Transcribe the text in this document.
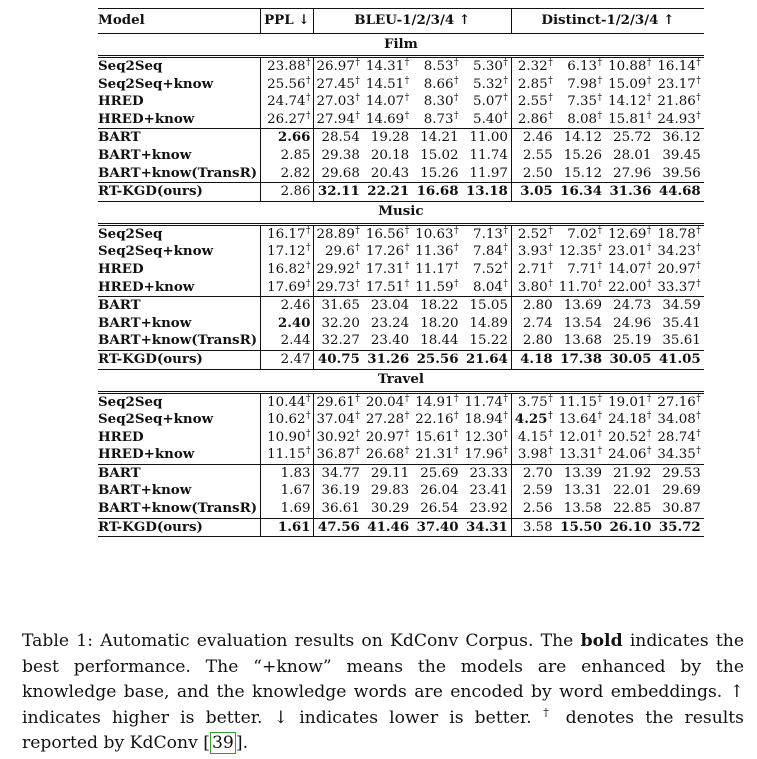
Model	PPL ↓	BLEU-1/2/3/4 ↑				Distinct-1/2/3/4 ↑			
Film									
Seq2Seq	23.88†	26.97†	14.31†	8.53†	5.30†	2.32†	6.13†	10.88†	16.14†
Seq2Seq+know	25.56†	27.45†	14.51†	8.66†	5.32†	2.85†	7.98†	15.09†	23.17†
HRED	24.74†	27.03†	14.07†	8.30†	5.07†	2.55†	7.35†	14.12†	21.86†
HRED+know	26.27†	27.94†	14.69†	8.73†	5.40†	2.86†	8.08†	15.81†	24.93†
BART	2.66	28.54	19.28	14.21	11.00	2.46	14.12	25.72	36.12
BART+know	2.85	29.38	20.18	15.02	11.74	2.55	15.26	28.01	39.45
BART+know(TransR)	2.82	29.68	20.43	15.26	11.97	2.50	15.12	27.96	39.56
RT-KGD(ours)	2.86	32.11	22.21	16.68	13.18	3.05	16.34	31.36	44.68
Music									
Seq2Seq	16.17†	28.89†	16.56†	10.63†	7.13†	2.52†	7.02†	12.69†	18.78†
Seq2Seq+know	17.12†	29.6†	17.26†	11.36†	7.84†	3.93†	12.35†	23.01†	34.23†
HRED	16.82†	29.92†	17.31†	11.17†	7.52†	2.71†	7.71†	14.07†	20.97†
HRED+know	17.69†	29.73†	17.51†	11.59†	8.04†	3.80†	11.70†	22.00†	33.37†
BART	2.46	31.65	23.04	18.22	15.05	2.80	13.69	24.73	34.59
BART+know	2.40	32.20	23.24	18.20	14.89	2.74	13.54	24.96	35.41
BART+know(TransR)	2.44	32.27	23.40	18.44	15.22	2.80	13.68	25.19	35.61
RT-KGD(ours)	2.47	40.75	31.26	25.56	21.64	4.18	17.38	30.05	41.05
Travel									
Seq2Seq	10.44†	29.61†	20.04†	14.91†	11.74†	3.75†	11.15†	19.01†	27.16†
Seq2Seq+know	10.62†	37.04†	27.28†	22.16†	18.94†	4.25†	13.64†	24.18†	34.08†
HRED	10.90†	30.92†	20.97†	15.61†	12.30†	4.15†	12.01†	20.52†	28.74†
HRED+know	11.15†	36.87†	26.68†	21.31†	17.96†	3.98†	13.31†	24.06†	34.35†
BART	1.83	34.77	29.11	25.69	23.33	2.70	13.39	21.92	29.53
BART+know	1.67	36.19	29.83	26.04	23.41	2.59	13.31	22.01	29.69
BART+know(TransR)	1.69	36.61	30.29	26.54	23.92	2.56	13.58	22.85	30.87
RT-KGD(ours)	1.61	47.56	41.46	37.40	34.31	3.58	15.50	26.10	35.72
Table 1: Automatic evaluation results on KdConv Corpus. The bold indicates the best performance. The “+know” means the models are enhanced by the knowledge base, and the knowledge words are encoded by word embeddings. ↑ indicates higher is better. ↓ indicates lower is better. † denotes the results reported by KdConv [ 39 ].
